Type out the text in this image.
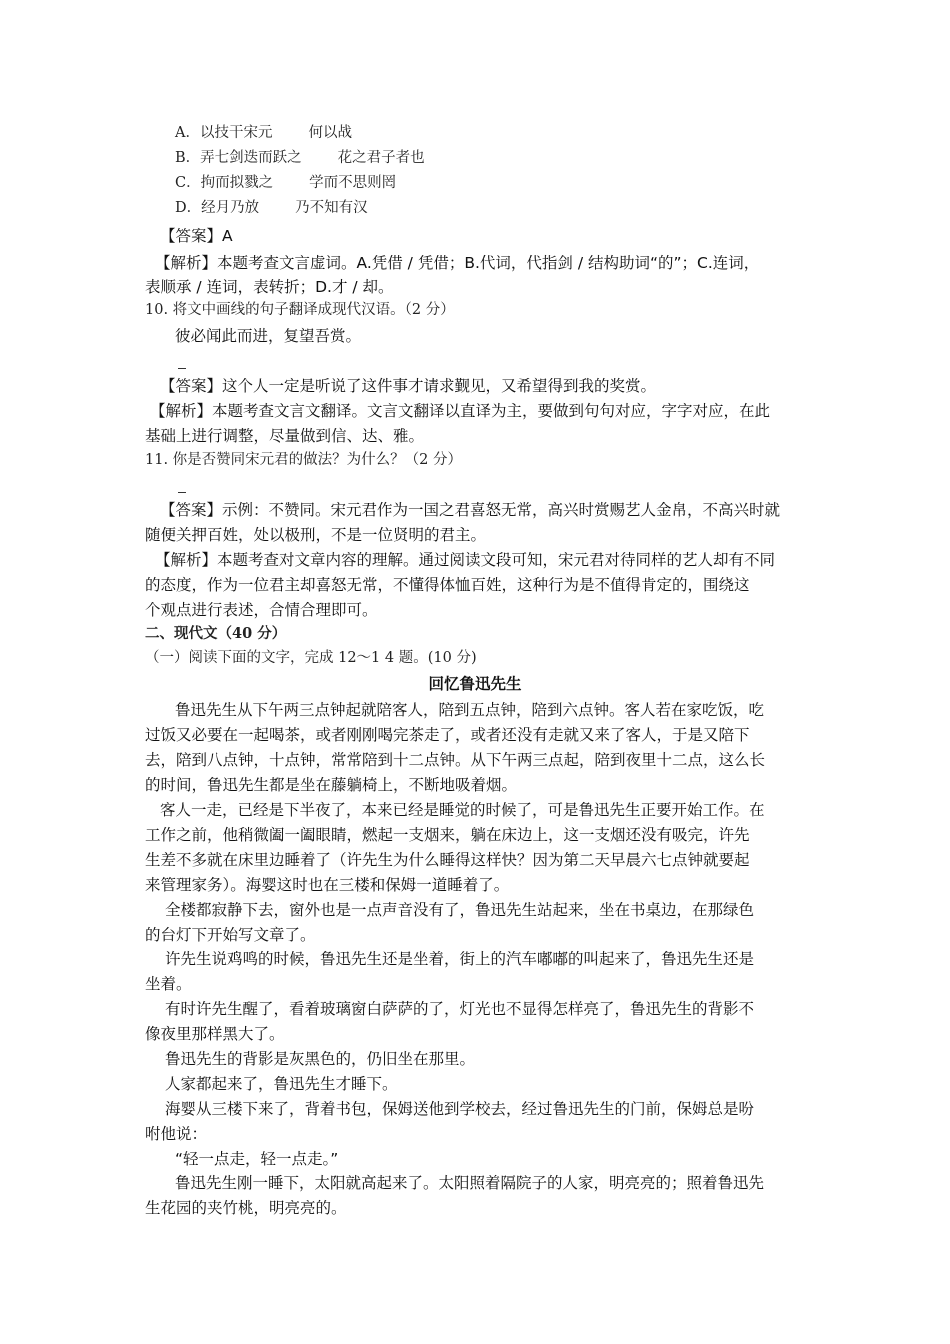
A．以技干宋元 何以战
B．弄七剑迭而跃之 花之君子者也
C．拘而拟戮之 学而不思则罔
D．经月乃放 乃不知有汉
【答案】A
【解析】本题考查文言虚词。A.凭借 / 凭借；B.代词，代指剑 / 结构助词“的”；C.连词，
表顺承 / 连词，表转折；D.才 / 却。
10. 将文中画线的句子翻译成现代汉语。（2 分）
彼必闻此而进，复望吾赏。
【答案】这个人一定是听说了这件事才请求觐见，又希望得到我的奖赏。
【解析】本题考查文言文翻译。文言文翻译以直译为主，要做到句句对应，字字对应，在此
基础上进行调整，尽量做到信、达、雅。
11. 你是否赞同宋元君的做法？为什么？（2 分）
【答案】示例：不赞同。宋元君作为一国之君喜怒无常，高兴时赏赐艺人金帛，不高兴时就
随便关押百姓，处以极刑，不是一位贤明的君主。
【解析】本题考查对文章内容的理解。通过阅读文段可知，宋元君对待同样的艺人却有不同
的态度，作为一位君主却喜怒无常，不懂得体恤百姓，这种行为是不值得肯定的，围绕这
个观点进行表述，合情合理即可。
二、现代文（40 分）
（一）阅读下面的文字，完成 12～1 4 题。(10 分)
回忆鲁迅先生
鲁迅先生从下午两三点钟起就陪客人，陪到五点钟，陪到六点钟。客人若在家吃饭，吃
过饭又必要在一起喝茶，或者刚刚喝完茶走了，或者还没有走就又来了客人，于是又陪下
去，陪到八点钟，十点钟，常常陪到十二点钟。从下午两三点起，陪到夜里十二点，这么长
的时间，鲁迅先生都是坐在藤躺椅上，不断地吸着烟。
客人一走，已经是下半夜了，本来已经是睡觉的时候了，可是鲁迅先生正要开始工作。在
工作之前，他稍微阖一阖眼睛，燃起一支烟来，躺在床边上，这一支烟还没有吸完，许先
生差不多就在床里边睡着了（许先生为什么睡得这样快？因为第二天早晨六七点钟就要起
来管理家务）。海婴这时也在三楼和保姆一道睡着了。
全楼都寂静下去，窗外也是一点声音没有了，鲁迅先生站起来，坐在书桌边，在那绿色
的台灯下开始写文章了。
许先生说鸡鸣的时候，鲁迅先生还是坐着，街上的汽车嘟嘟的叫起来了，鲁迅先生还是
坐着。
有时许先生醒了，看着玻璃窗白萨萨的了，灯光也不显得怎样亮了，鲁迅先生的背影不
像夜里那样黑大了。
鲁迅先生的背影是灰黑色的，仍旧坐在那里。
人家都起来了，鲁迅先生才睡下。
海婴从三楼下来了，背着书包，保姆送他到学校去，经过鲁迅先生的门前，保姆总是吩
咐他说：
“轻一点走，轻一点走。”
鲁迅先生刚一睡下，太阳就高起来了。太阳照着隔院子的人家，明亮亮的；照着鲁迅先
生花园的夹竹桃，明亮亮的。
